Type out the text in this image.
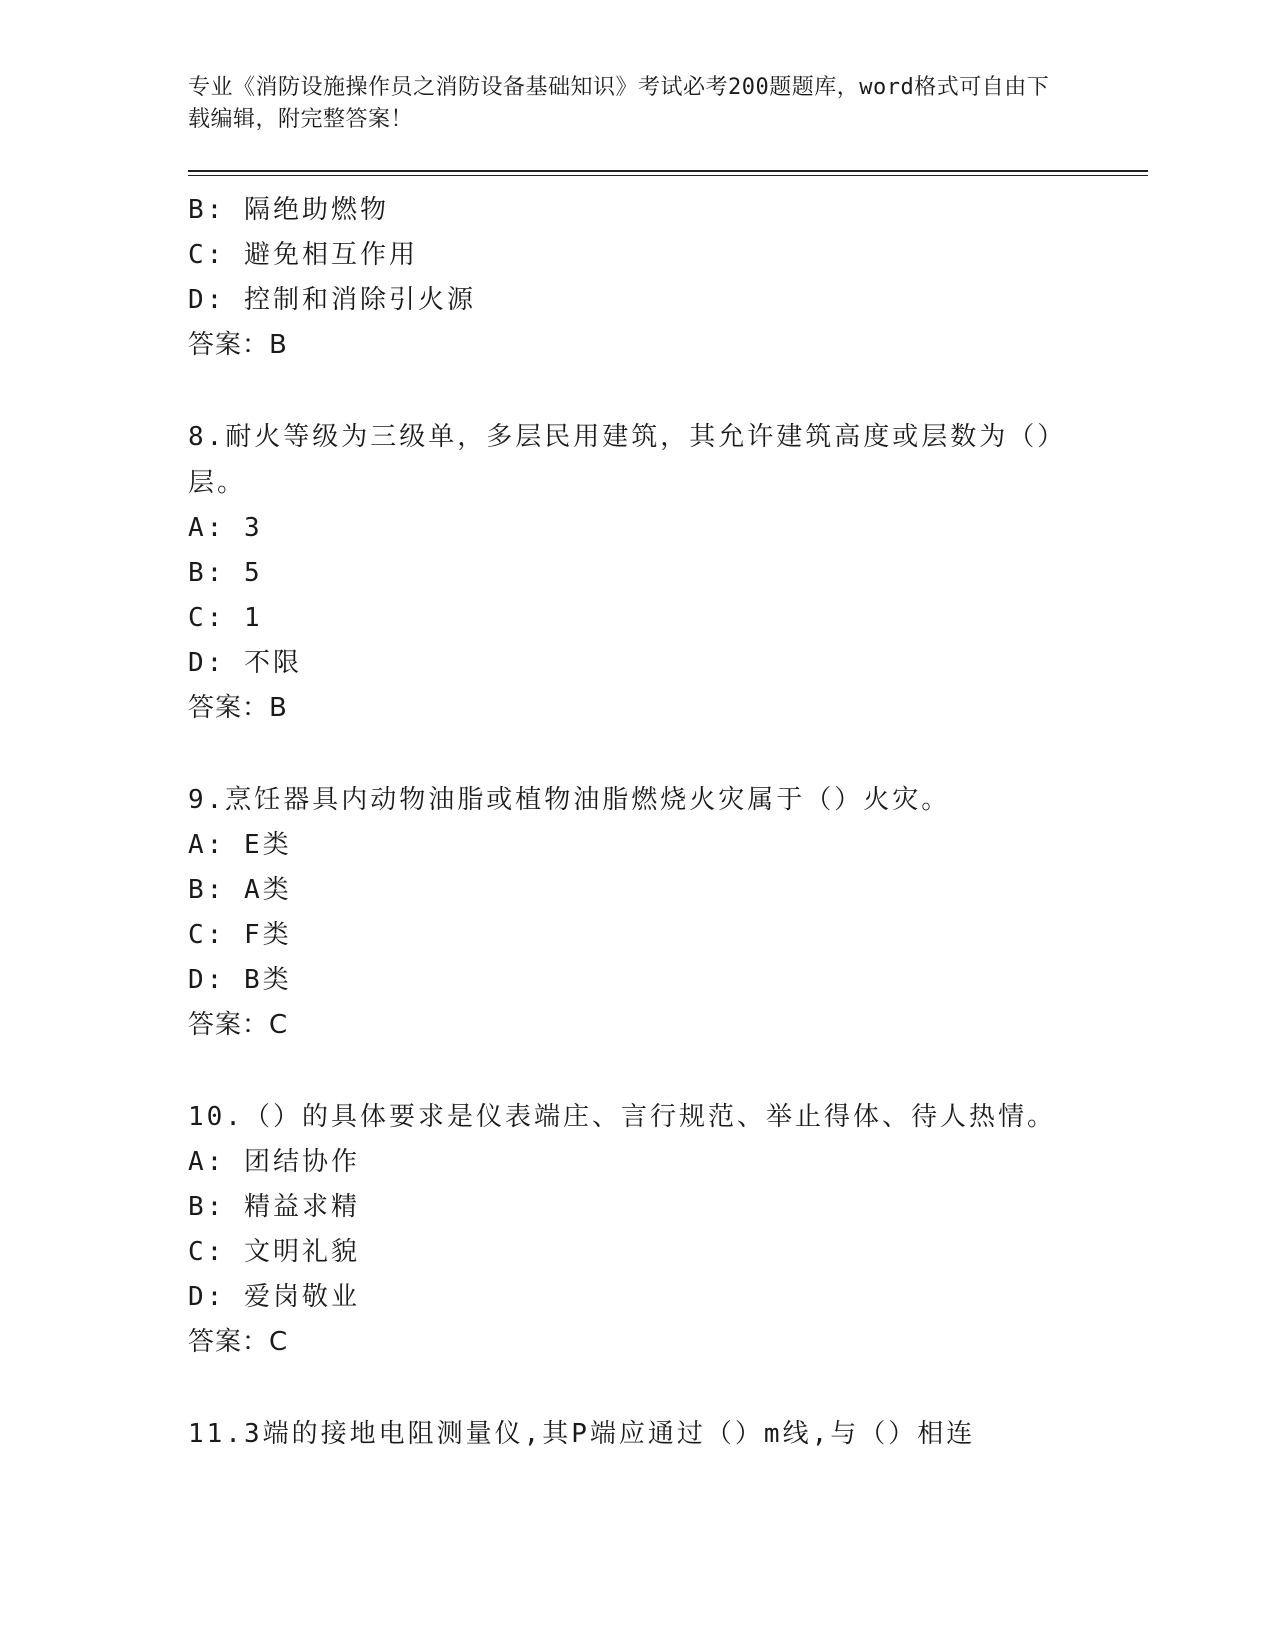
专业《消防设施操作员之消防设备基础知识》考试必考200题题库，word格式可自由下载编辑，附完整答案！
B: 隔绝助燃物
C: 避免相互作用
D: 控制和消除引火源
答案：B
8.耐火等级为三级单，多层民用建筑，其允许建筑高度或层数为（）层。
A: 3
B: 5
C: 1
D: 不限
答案：B
9.烹饪器具内动物油脂或植物油脂燃烧火灾属于（）火灾。
A: E类
B: A类
C: F类
D: B类
答案：C
10.（）的具体要求是仪表端庄、言行规范、举止得体、待人热情。
A: 团结协作
B: 精益求精
C: 文明礼貌
D: 爱岗敬业
答案：C
11.3端的接地电阻测量仪,其P端应通过（）m线,与（）相连
